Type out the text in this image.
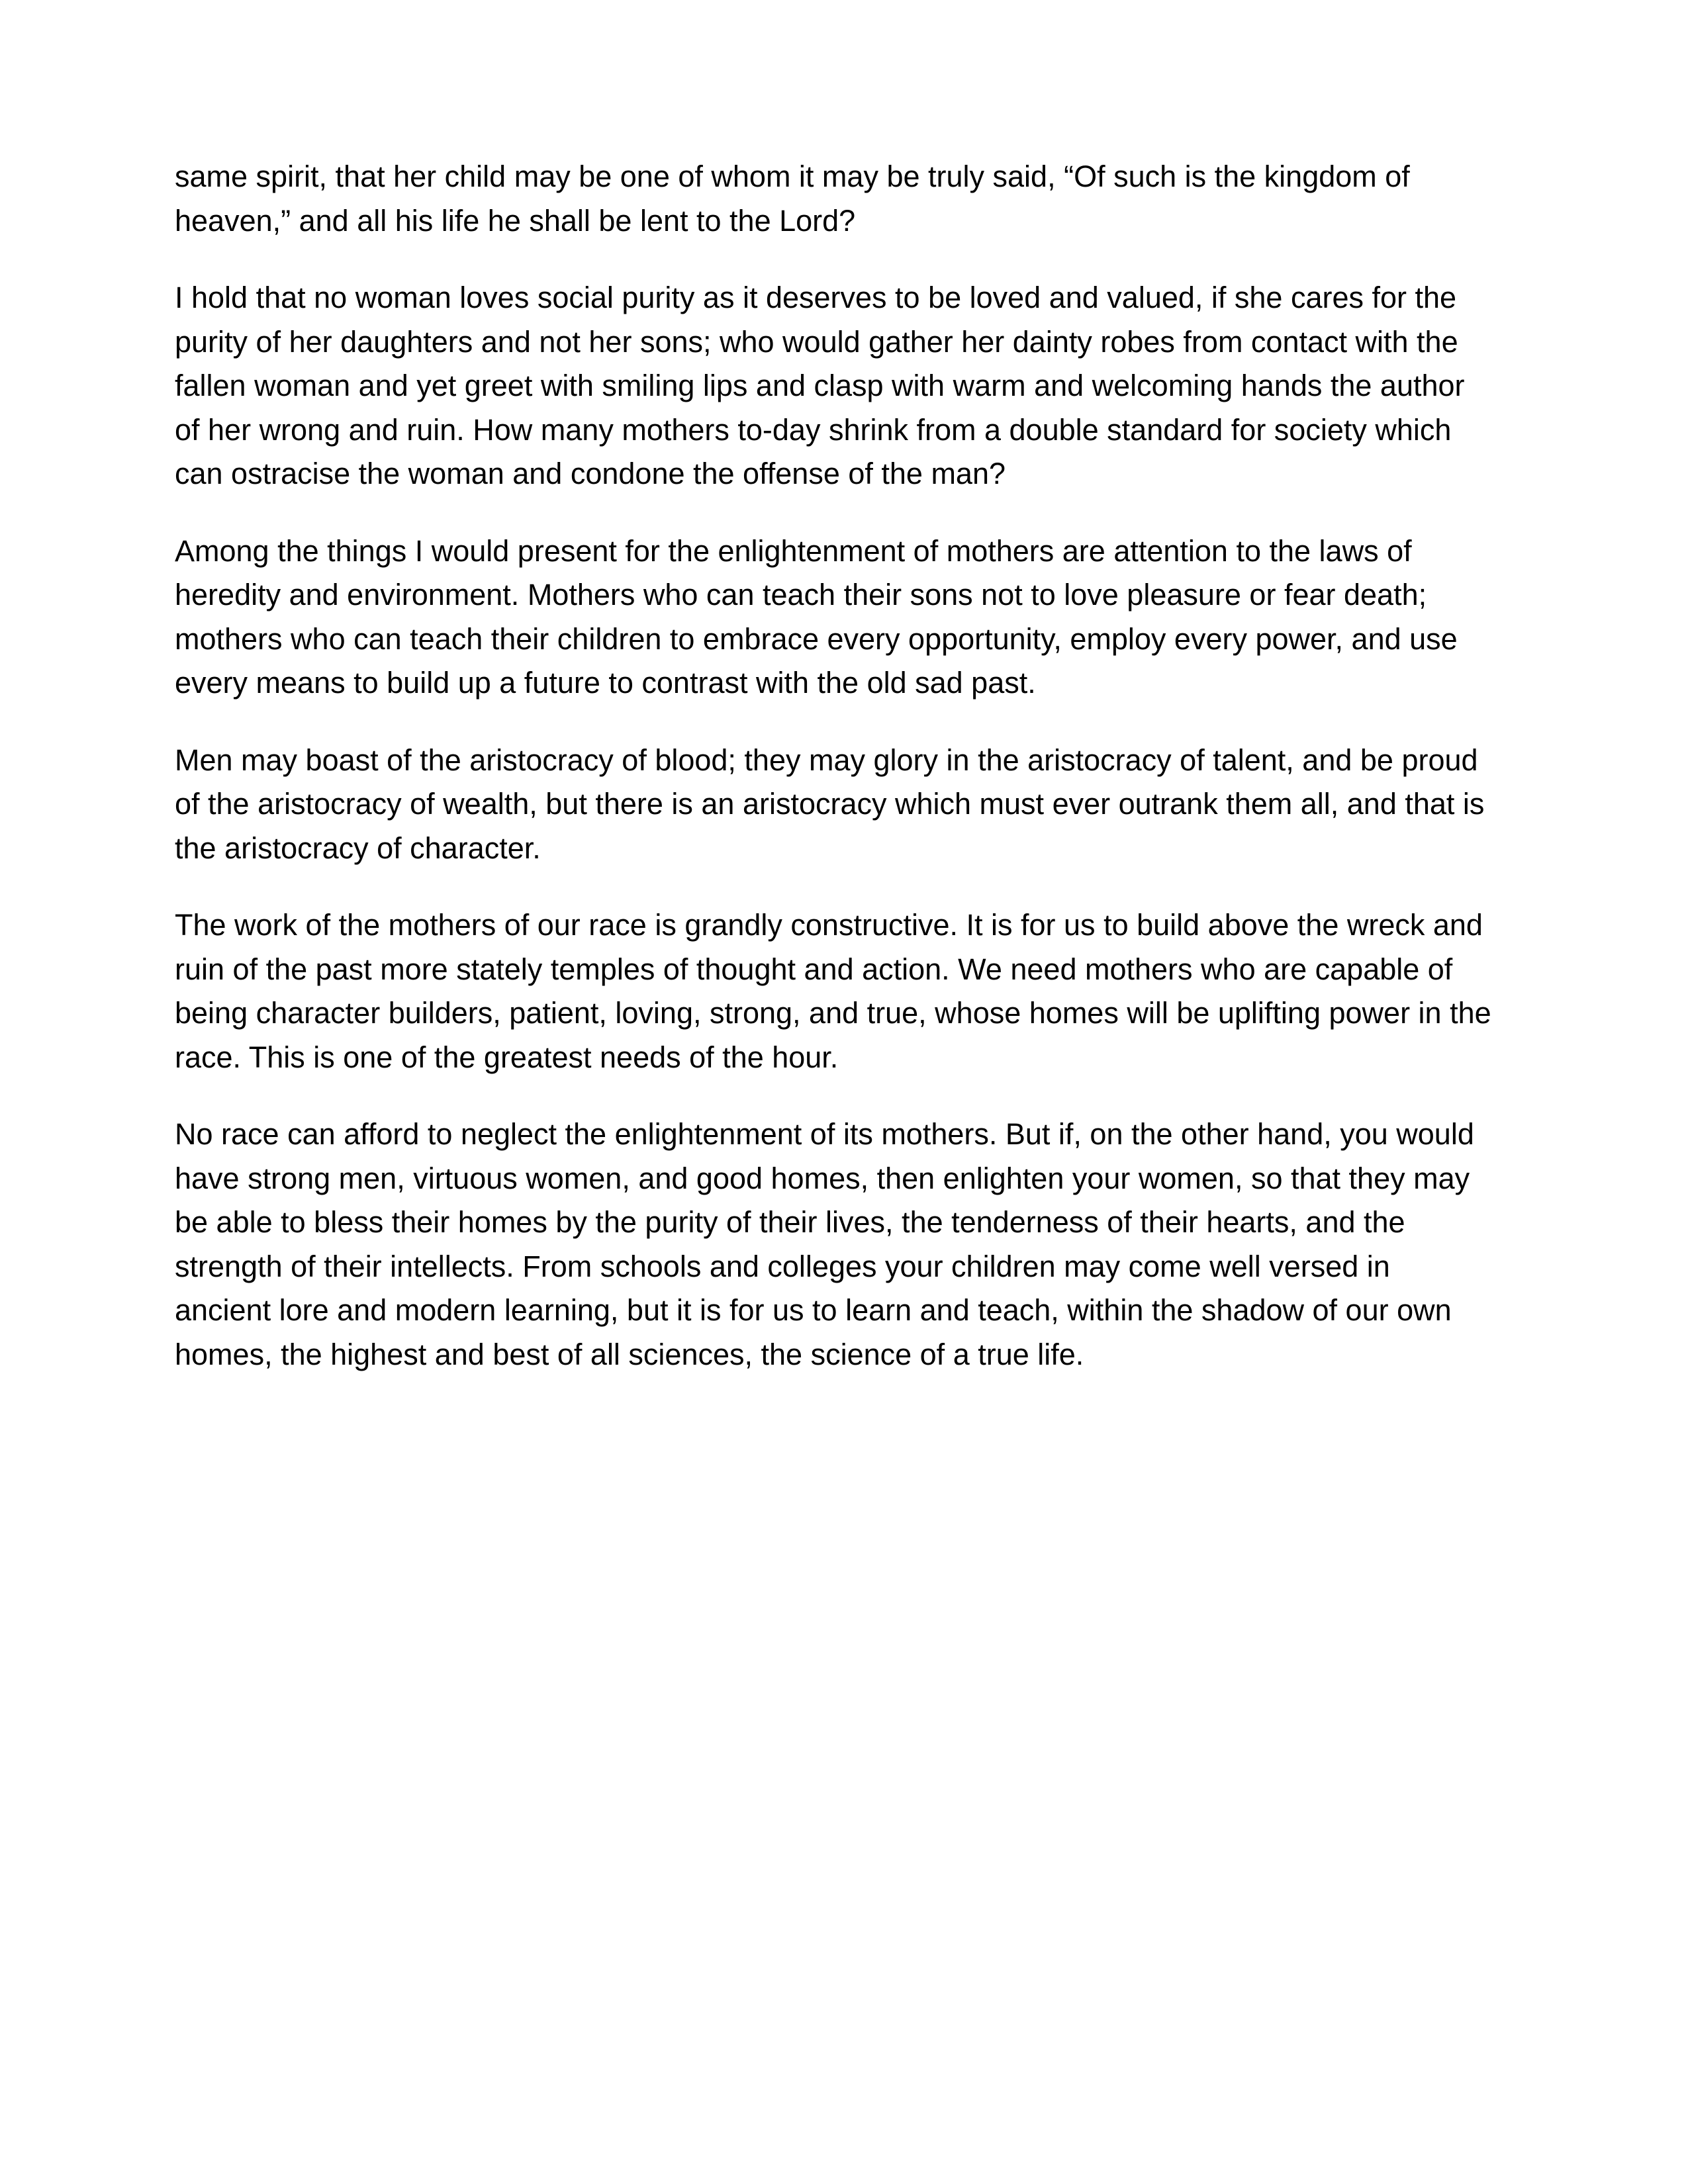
same spirit, that her child may be one of whom it may be truly said, “Of such is the kingdom of
heaven,” and all his life he shall be lent to the Lord?

I hold that no woman loves social purity as it deserves to be loved and valued, if she cares for the
purity of her daughters and not her sons; who would gather her dainty robes from contact with the
fallen woman and yet greet with smiling lips and clasp with warm and welcoming hands the author
of her wrong and ruin. How many mothers to-day shrink from a double standard for society which
can ostracise the woman and condone the offense of the man?

Among the things I would present for the enlightenment of mothers are attention to the laws of
heredity and environment. Mothers who can teach their sons not to love pleasure or fear death;
mothers who can teach their children to embrace every opportunity, employ every power, and use
every means to build up a future to contrast with the old sad past.

Men may boast of the aristocracy of blood; they may glory in the aristocracy of talent, and be proud
of the aristocracy of wealth, but there is an aristocracy which must ever outrank them all, and that is
the aristocracy of character.

The work of the mothers of our race is grandly constructive. It is for us to build above the wreck and
ruin of the past more stately temples of thought and action. We need mothers who are capable of
being character builders, patient, loving, strong, and true, whose homes will be uplifting power in the
race. This is one of the greatest needs of the hour.

No race can afford to neglect the enlightenment of its mothers. But if, on the other hand, you would
have strong men, virtuous women, and good homes, then enlighten your women, so that they may
be able to bless their homes by the purity of their lives, the tenderness of their hearts, and the
strength of their intellects. From schools and colleges your children may come well versed in
ancient lore and modern learning, but it is for us to learn and teach, within the shadow of our own
homes, the highest and best of all sciences, the science of a true life.
